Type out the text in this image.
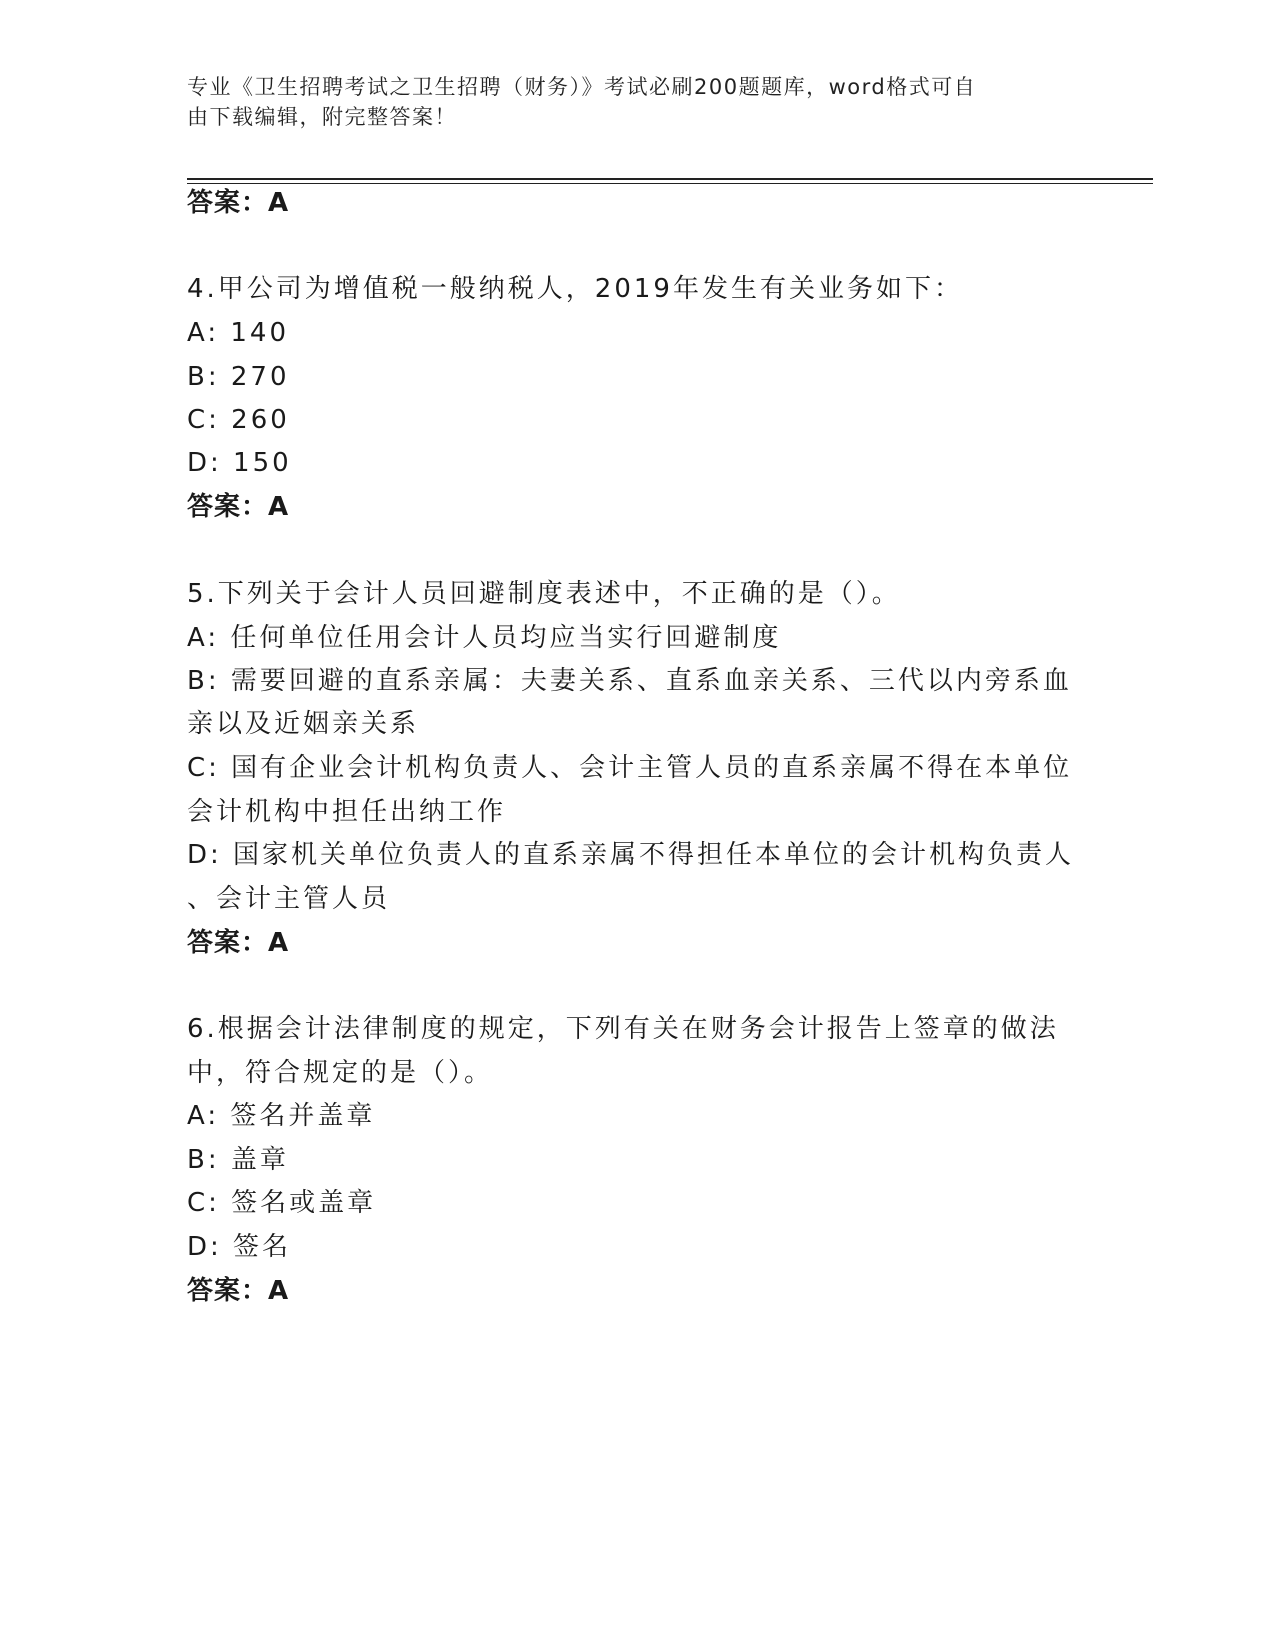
专业《卫生招聘考试之卫生招聘（财务）》考试必刷200题题库，word格式可自
由下载编辑，附完整答案！
答案：A
4.甲公司为增值税一般纳税人，2019年发生有关业务如下：
A: 140
B: 270
C: 260
D: 150
答案：A
5.下列关于会计人员回避制度表述中，不正确的是（）。
A: 任何单位任用会计人员均应当实行回避制度
B: 需要回避的直系亲属：夫妻关系、直系血亲关系、三代以内旁系血
亲以及近姻亲关系
C: 国有企业会计机构负责人、会计主管人员的直系亲属不得在本单位
会计机构中担任出纳工作
D: 国家机关单位负责人的直系亲属不得担任本单位的会计机构负责人
、会计主管人员
答案：A
6.根据会计法律制度的规定，下列有关在财务会计报告上签章的做法
中，符合规定的是（）。
A: 签名并盖章
B: 盖章
C: 签名或盖章
D: 签名
答案：A
